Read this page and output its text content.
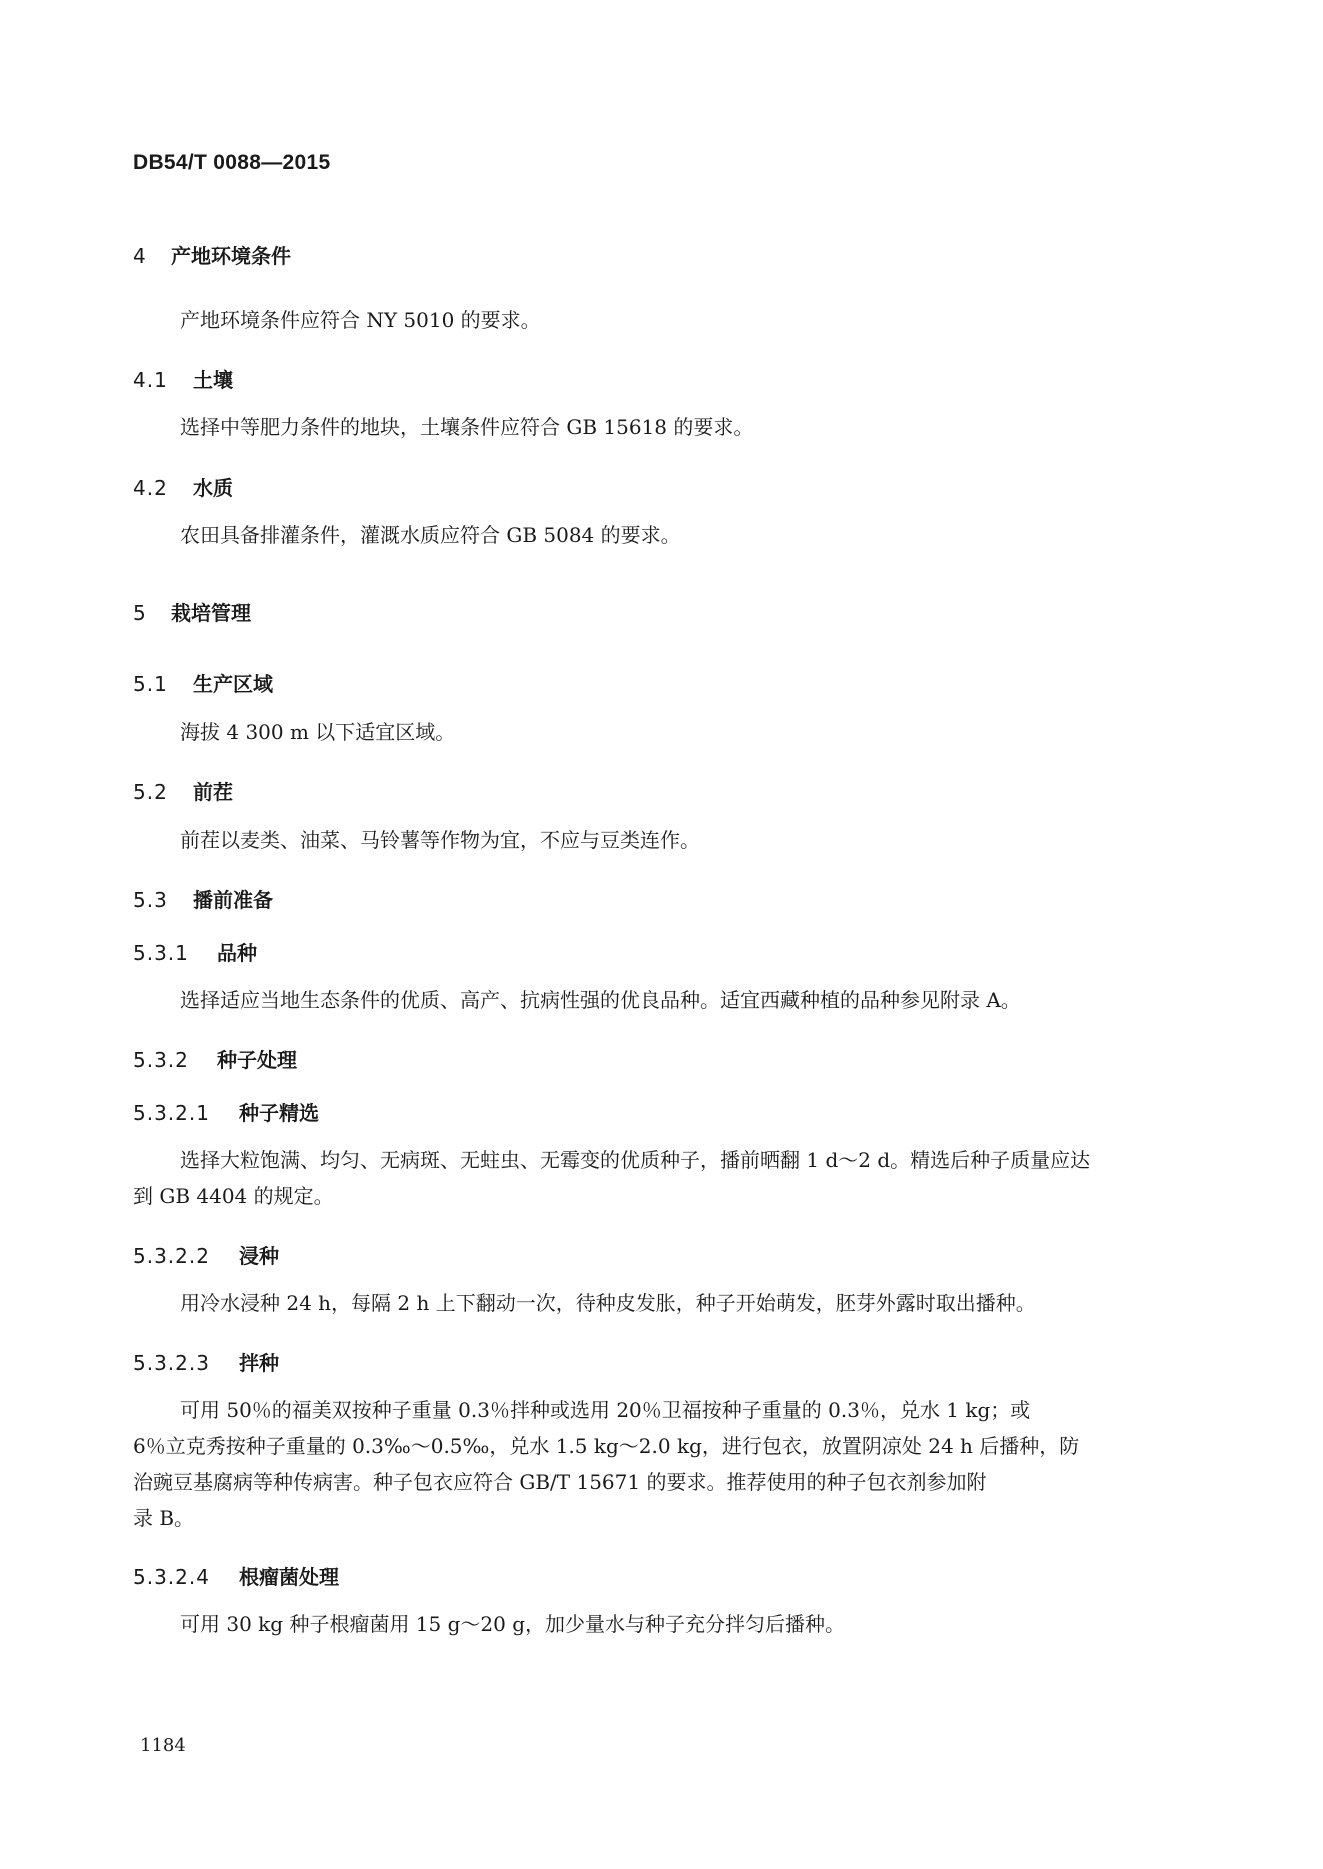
DB54/T 0088—2015
4 产地环境条件
产地环境条件应符合 NY 5010 的要求。
4.1 土壤
选择中等肥力条件的地块，土壤条件应符合 GB 15618 的要求。
4.2 水质
农田具备排灌条件，灌溉水质应符合 GB 5084 的要求。
5 栽培管理
5.1 生产区域
海拔 4 300 m 以下适宜区域。
5.2 前茬
前茬以麦类、油菜、马铃薯等作物为宜，不应与豆类连作。
5.3 播前准备
5.3.1 品种
选择适应当地生态条件的优质、高产、抗病性强的优良品种。适宜西藏种植的品种参见附录 A。
5.3.2 种子处理
5.3.2.1 种子精选
选择大粒饱满、均匀、无病斑、无蛀虫、无霉变的优质种子，播前晒翻 1 d～2 d。精选后种子质量应达
到 GB 4404 的规定。
5.3.2.2 浸种
用冷水浸种 24 h，每隔 2 h 上下翻动一次，待种皮发胀，种子开始萌发，胚芽外露时取出播种。
5.3.2.3 拌种
可用 50％的福美双按种子重量 0.3％拌种或选用 20％卫福按种子重量的 0.3％，兑水 1 kg；或
6％立克秀按种子重量的 0.3‰～0.5‰，兑水 1.5 kg～2.0 kg，进行包衣，放置阴凉处 24 h 后播种，防
治豌豆基腐病等种传病害。种子包衣应符合 GB/T 15671 的要求。推荐使用的种子包衣剂参加附
录 B。
5.3.2.4 根瘤菌处理
可用 30 kg 种子根瘤菌用 15 g～20 g，加少量水与种子充分拌匀后播种。
1184
